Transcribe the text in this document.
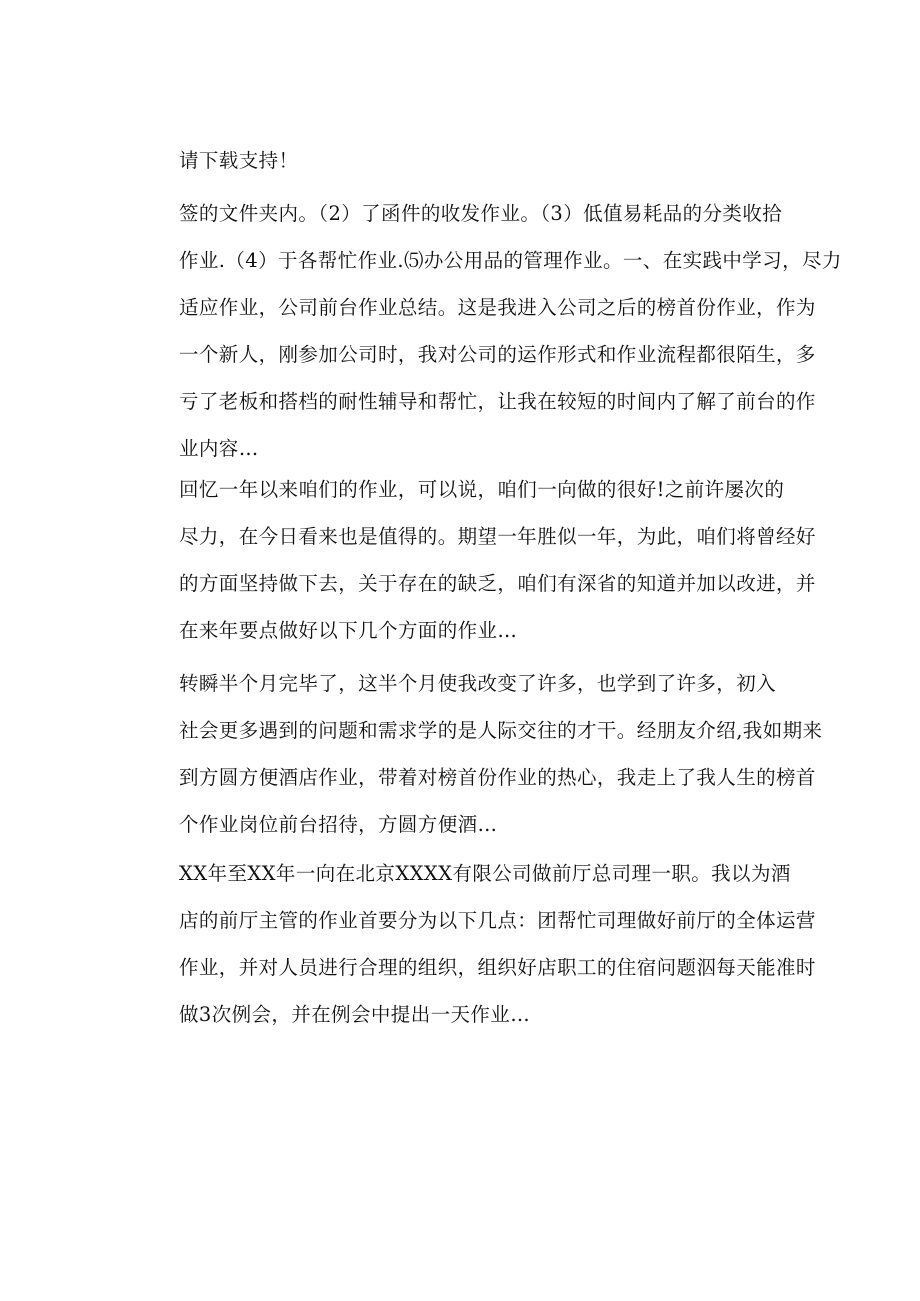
请下载支持！
签的文件夹内。（2）了函件的收发作业。（3）低值易耗品的分类收拾
作业.（4）于各帮忙作业.⑸办公用品的管理作业。一、在实践中学习，尽力
适应作业，公司前台作业总结。这是我进入公司之后的榜首份作业，作为
一个新人，刚参加公司时，我对公司的运作形式和作业流程都很陌生，多
亏了老板和搭档的耐性辅导和帮忙，让我在较短的时间内了解了前台的作
业内容…
回忆一年以来咱们的作业，可以说，咱们一向做的很好!之前许屡次的
尽力，在今日看来也是值得的。期望一年胜似一年，为此，咱们将曾经好
的方面坚持做下去，关于存在的缺乏，咱们有深省的知道并加以改进，并
在来年要点做好以下几个方面的作业…
转瞬半个月完毕了，这半个月使我改变了许多，也学到了许多，初入
社会更多遇到的问题和需求学的是人际交往的才干。经朋友介绍,我如期来
到方圆方便酒店作业，带着对榜首份作业的热心，我走上了我人生的榜首
个作业岗位前台招待，方圆方便酒…
XX年至XX年一向在北京XXXX有限公司做前厅总司理一职。我以为酒
店的前厅主管的作业首要分为以下几点：团帮忙司理做好前厅的全体运营
作业，并对人员进行合理的组织，组织好店职工的住宿问题泅每天能准时
做3次例会，并在例会中提出一天作业…
